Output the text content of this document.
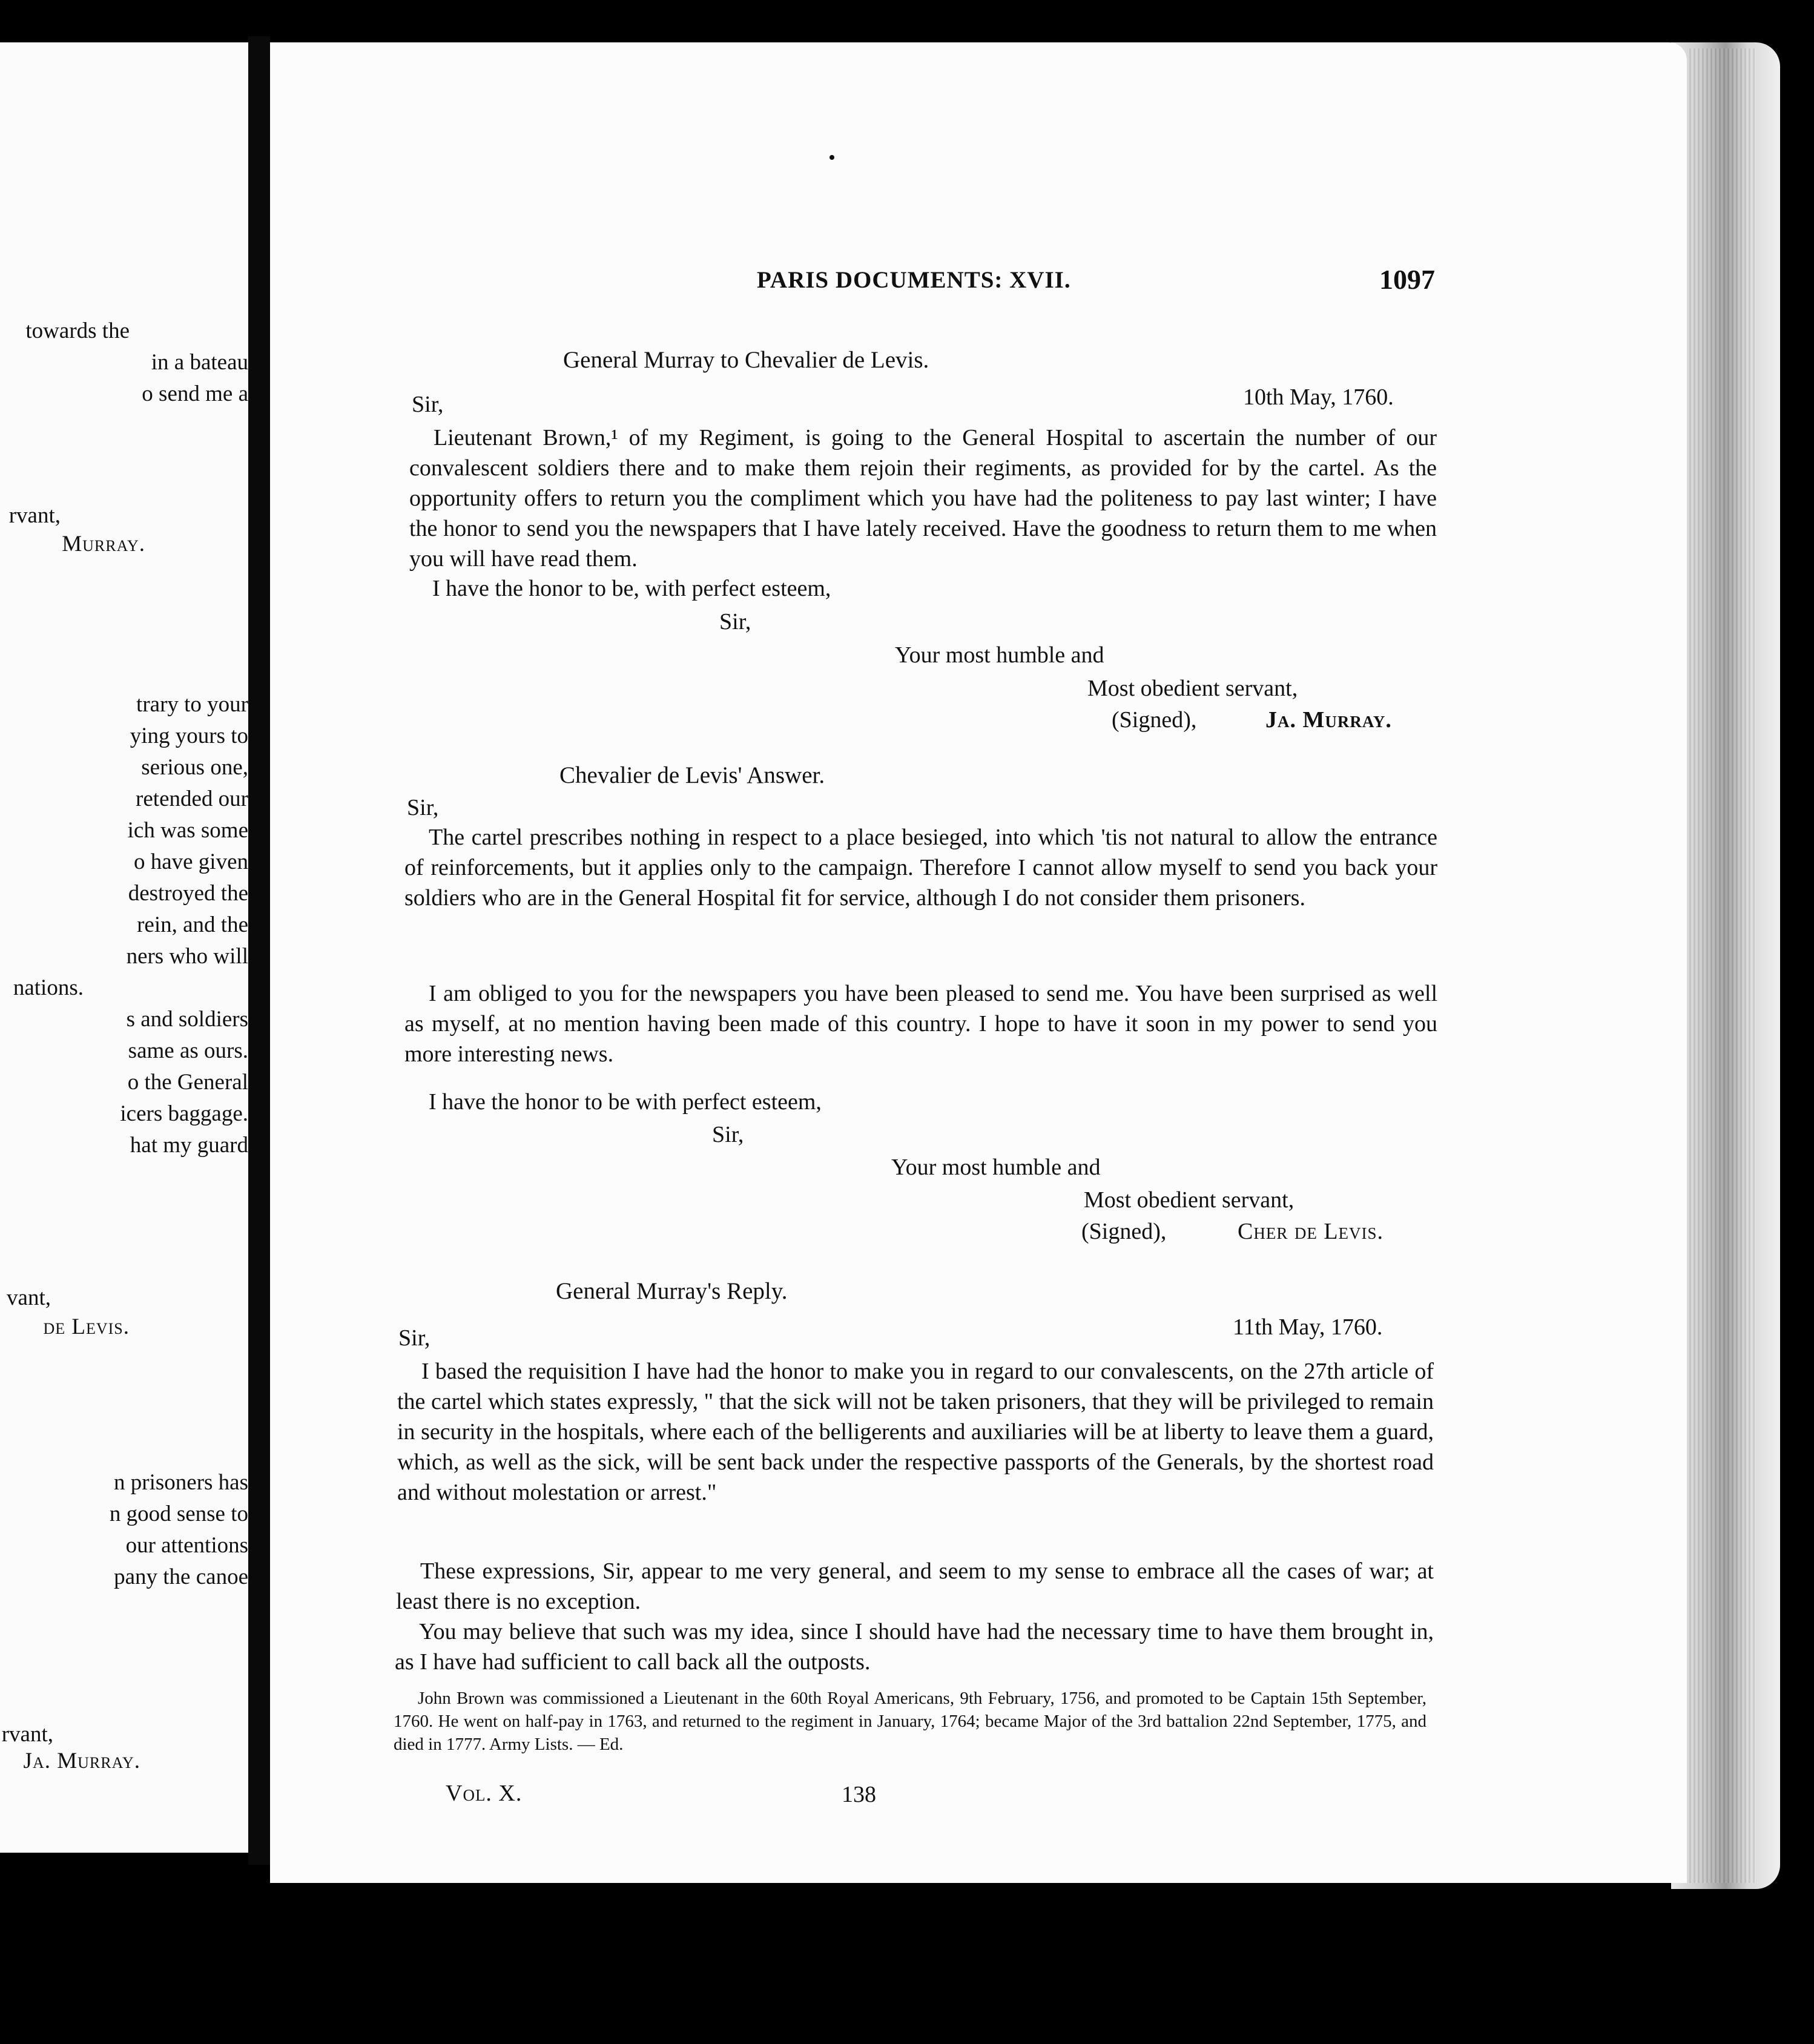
towards the
in a bateau
o send me a
rvant,
Murray.
trary to your
ying yours to
serious one,
retended our
ich was some
o have given
destroyed the
rein, and the
ners who will
nations.
s and soldiers
same as ours.
o the General
icers baggage.
hat my guard
vant,
de Levis.
n prisoners has
n good sense to
our attentions
pany the canoe
rvant,
Ja. Murray.
PARIS DOCUMENTS: XVII.	1097
General Murray to Chevalier de Levis.
Sir,	10th May, 1760.
Lieutenant Brown,¹ of my Regiment, is going to the General Hospital to ascertain the number of our convalescent soldiers there and to make them rejoin their regiments, as provided for by the cartel. As the opportunity offers to return you the compliment which you have had the politeness to pay last winter; I have the honor to send you the newspapers that I have lately received. Have the goodness to return them to me when you will have read them.
I have the honor to be, with perfect esteem,
Sir,
Your most humble and
Most obedient servant,
(Signed),	Ja. Murray.
Chevalier de Levis' Answer.
Sir,
The cartel prescribes nothing in respect to a place besieged, into which 'tis not natural to allow the entrance of reinforcements, but it applies only to the campaign. Therefore I cannot allow myself to send you back your soldiers who are in the General Hospital fit for service, although I do not consider them prisoners.
I am obliged to you for the newspapers you have been pleased to send me. You have been surprised as well as myself, at no mention having been made of this country. I hope to have it soon in my power to send you more interesting news.
I have the honor to be with perfect esteem,
Sir,
Your most humble and
Most obedient servant,
(Signed),	Cher de Levis.
General Murray's Reply.
Sir,	11th May, 1760.
I based the requisition I have had the honor to make you in regard to our convalescents, on the 27th article of the cartel which states expressly, " that the sick will not be taken prisoners, that they will be privileged to remain in security in the hospitals, where each of the belligerents and auxiliaries will be at liberty to leave them a guard, which, as well as the sick, will be sent back under the respective passports of the Generals, by the shortest road and without molestation or arrest."
These expressions, Sir, appear to me very general, and seem to my sense to embrace all the cases of war; at least there is no exception.
You may believe that such was my idea, since I should have had the necessary time to have them brought in, as I have had sufficient to call back all the outposts.
John Brown was commissioned a Lieutenant in the 60th Royal Americans, 9th February, 1756, and promoted to be Captain 15th September, 1760. He went on half-pay in 1763, and returned to the regiment in January, 1764; became Major of the 3rd battalion 22nd September, 1775, and died in 1777. Army Lists. — Ed.
Vol. X.	138
